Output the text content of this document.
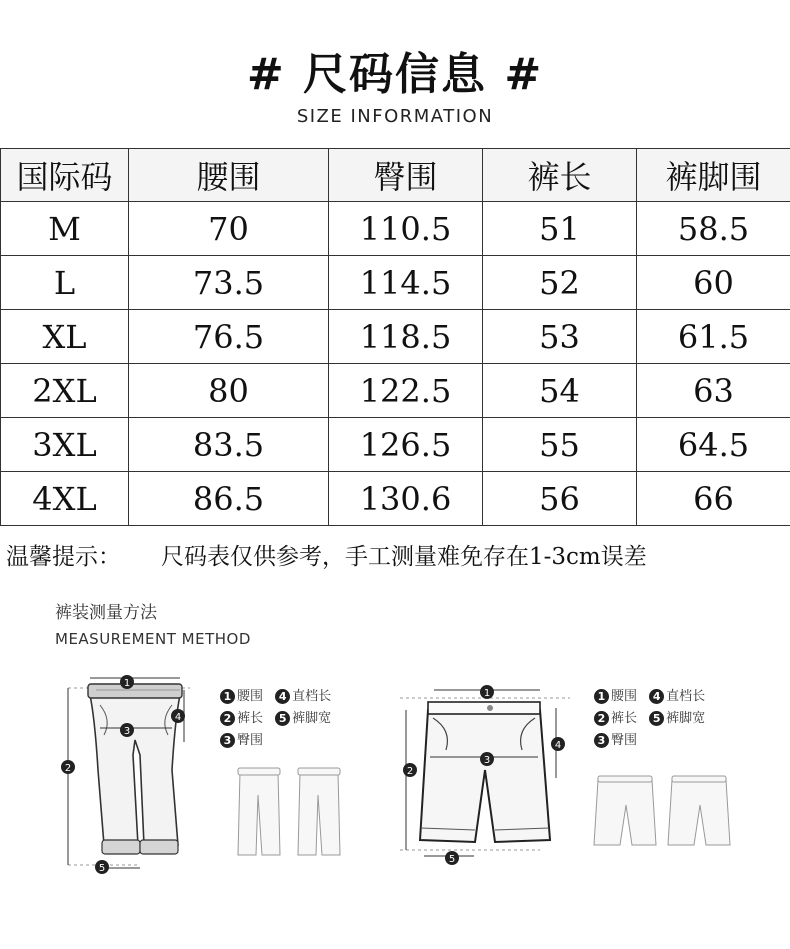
# 尺码信息 #
SIZE INFORMATION
国际码	腰围	臀围	裤长	裤脚围
M	70	110.5	51	58.5
L	73.5	114.5	52	60
XL	76.5	118.5	53	61.5
2XL	80	122.5	54	63
3XL	83.5	126.5	55	64.5
4XL	86.5	130.6	56	66
温馨提示： 尺码表仅供参考，手工测量难免存在1-3cm误差
裤装测量方法
MEASUREMENT METHOD
1
2
3
4
5
1
2
3
4
5
1 腰围 4 直档长
2 裤长 5 裤脚宽
3 臀围
1 腰围 4 直档长
2 裤长 5 裤脚宽
3 臀围
